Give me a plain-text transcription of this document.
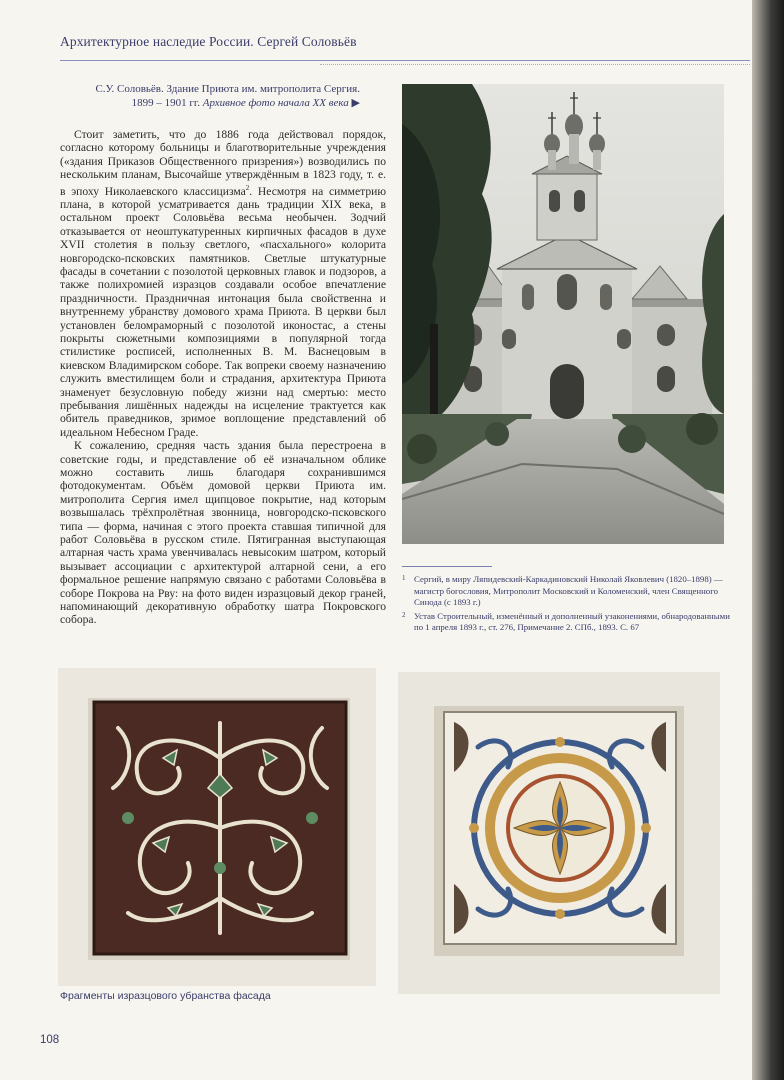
Архитектурное наследие России. Сергей Соловьёв
С.У. Соловьёв. Здание Приюта им. митрополита Сергия.
1899 – 1901 гг. Архивное фото начала XX века ▶

Стоит заметить, что до 1886 года действовал порядок, согласно которому больницы и благотворительные учреждения («здания Приказов Общественного призрения») возводились по нескольким планам, Высочайше утверждённым в 1823 году, т. е. в эпоху Николаевского классицизма$^2$. Несмотря на симметрию плана, в которой усматривается дань традиции XIX века, в остальном проект Соловьёва весьма необычен. Зодчий отказывается от неоштукатуренных кирпичных фасадов в духе XVII столетия в пользу светлого, «пасхального» колорита новгородско-псковских памятников. Светлые штукатурные фасады в сочетании с позолотой церковных главок и подзоров, а также полихромией изразцов создавали особое впечатление праздничности. Праздничная интонация была свойственна и внутреннему убранству домового храма Приюта. В церкви был установлен беломраморный с позолотой иконостас, а стены покрыты сюжетными композициями в популярной тогда стилистике росписей, исполненных В. М. Васнецовым в киевском Владимирском соборе. Так вопреки своему назначению служить вместилищем боли и страдания, архитектура Приюта знаменует безусловную победу жизни над смертью: место пребывания лишённых надежды на исцеление трактуется как обитель праведников, зримое воплощение представлений об идеальном Небесном Граде.

К сожалению, средняя часть здания была перестроена в советские годы, и представление об её изначальном облике можно составить лишь благодаря сохранившимся фотодокументам. Объём домовой церкви Приюта им. митрополита Сергия имел щипцовое покрытие, над которым возвышалась трёхпролётная звонница, новгородско-псковского типа — форма, начиная с этого проекта ставшая типичной для работ Соловьёва в русском стиле. Пятигранная выступающая алтарная часть храма увенчивалась невысоким шатром, который вызывает ассоциации с архитектурой алтарной сени, а его формальное решение напрямую связано с работами Соловьёва в соборе Покрова на Рву: на фото виден изразцовый декор граней, напоминающий декоративную обработку шатра Покровского собора.

1 Сергий, в миру Ляпидевский-Каркадиновский Николай Яковлевич (1820–1898) — магистр богословия, Митрополит Московский и Коломенский, член Священного Синода (с 1893 г.)
2 Устав Строительный, изменённый и дополненный узаконениями, обнародованными по 1 апреля 1893 г., ст. 276, Примечание 2. СПб., 1893. С. 67
Фрагменты изразцового убранства фасада
108
